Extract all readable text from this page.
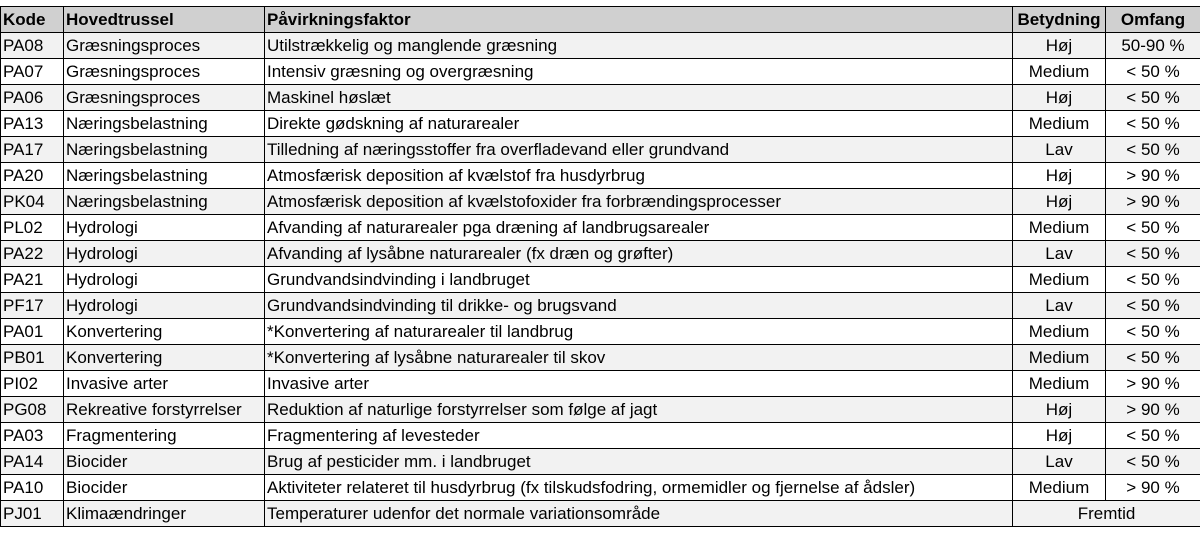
Kode	Hovedtrussel	Påvirkningsfaktor	Betydning	Omfang
PA08	Græsningsproces	Utilstrækkelig og manglende græsning	Høj	50-90 %
PA07	Græsningsproces	Intensiv græsning og overgræsning	Medium	< 50 %
PA06	Græsningsproces	Maskinel høslæt	Høj	< 50 %
PA13	Næringsbelastning	Direkte gødskning af naturarealer	Medium	< 50 %
PA17	Næringsbelastning	Tilledning af næringsstoffer fra overfladevand eller grundvand	Lav	< 50 %
PA20	Næringsbelastning	Atmosfærisk deposition af kvælstof fra husdyrbrug	Høj	> 90 %
PK04	Næringsbelastning	Atmosfærisk deposition af kvælstofoxider fra forbrændingsprocesser	Høj	> 90 %
PL02	Hydrologi	Afvanding af naturarealer pga dræning af landbrugsarealer	Medium	< 50 %
PA22	Hydrologi	Afvanding af lysåbne naturarealer (fx dræn og grøfter)	Lav	< 50 %
PA21	Hydrologi	Grundvandsindvinding i landbruget	Medium	< 50 %
PF17	Hydrologi	Grundvandsindvinding til drikke- og brugsvand	Lav	< 50 %
PA01	Konvertering	*Konvertering af naturarealer til landbrug	Medium	< 50 %
PB01	Konvertering	*Konvertering af lysåbne naturarealer til skov	Medium	< 50 %
PI02	Invasive arter	Invasive arter	Medium	> 90 %
PG08	Rekreative forstyrrelser	Reduktion af naturlige forstyrrelser som følge af jagt	Høj	> 90 %
PA03	Fragmentering	Fragmentering af levesteder	Høj	< 50 %
PA14	Biocider	Brug af pesticider mm. i landbruget	Lav	< 50 %
PA10	Biocider	Aktiviteter relateret til husdyrbrug (fx tilskudsfodring, ormemidler og fjernelse af ådsler)	Medium	> 90 %
PJ01	Klimaændringer	Temperaturer udenfor det normale variationsområde	Fremtid	
